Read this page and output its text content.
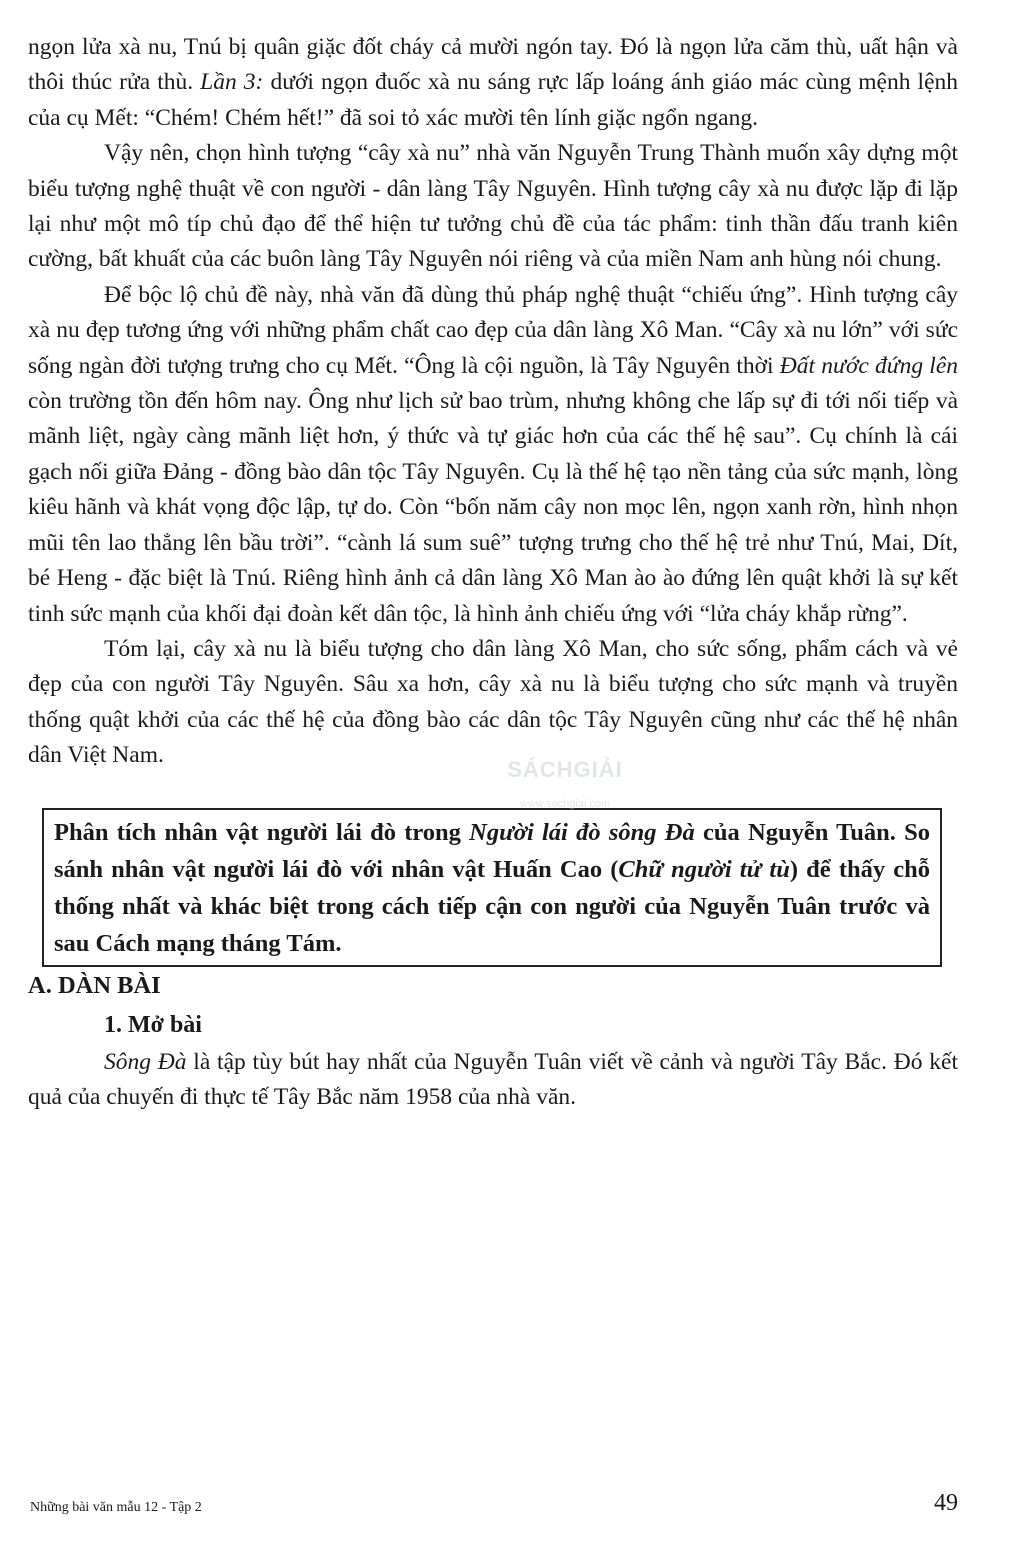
ngọn lửa xà nu, Tnú bị quân giặc đốt cháy cả mười ngón tay. Đó là ngọn lửa căm thù, uất hận và thôi thúc rửa thù. Lần 3: dưới ngọn đuốc xà nu sáng rực lấp loáng ánh giáo mác cùng mệnh lệnh của cụ Mết: “Chém! Chém hết!” đã soi tỏ xác mười tên lính giặc ngổn ngang.

Vậy nên, chọn hình tượng “cây xà nu” nhà văn Nguyễn Trung Thành muốn xây dựng một biểu tượng nghệ thuật về con người - dân làng Tây Nguyên. Hình tượng cây xà nu được lặp đi lặp lại như một mô típ chủ đạo để thể hiện tư tưởng chủ đề của tác phẩm: tinh thần đấu tranh kiên cường, bất khuất của các buôn làng Tây Nguyên nói riêng và của miền Nam anh hùng nói chung.

Để bộc lộ chủ đề này, nhà văn đã dùng thủ pháp nghệ thuật “chiếu ứng”. Hình tượng cây xà nu đẹp tương ứng với những phẩm chất cao đẹp của dân làng Xô Man. “Cây xà nu lớn” với sức sống ngàn đời tượng trưng cho cụ Mết. “Ông là cội nguồn, là Tây Nguyên thời Đất nước đứng lên còn trường tồn đến hôm nay. Ông như lịch sử bao trùm, nhưng không che lấp sự đi tới nối tiếp và mãnh liệt, ngày càng mãnh liệt hơn, ý thức và tự giác hơn của các thế hệ sau”. Cụ chính là cái gạch nối giữa Đảng - đồng bào dân tộc Tây Nguyên. Cụ là thế hệ tạo nền tảng của sức mạnh, lòng kiêu hãnh và khát vọng độc lập, tự do. Còn “bốn năm cây non mọc lên, ngọn xanh rờn, hình nhọn mũi tên lao thẳng lên bầu trời”. “cành lá sum suê” tượng trưng cho thế hệ trẻ như Tnú, Mai, Dít, bé Heng - đặc biệt là Tnú. Riêng hình ảnh cả dân làng Xô Man ào ào đứng lên quật khởi là sự kết tinh sức mạnh của khối đại đoàn kết dân tộc, là hình ảnh chiếu ứng với “lửa cháy khắp rừng”.

Tóm lại, cây xà nu là biểu tượng cho dân làng Xô Man, cho sức sống, phẩm cách và vẻ đẹp của con người Tây Nguyên. Sâu xa hơn, cây xà nu là biểu tượng cho sức mạnh và truyền thống quật khởi của các thế hệ của đồng bào các dân tộc Tây Nguyên cũng như các thế hệ nhân dân Việt Nam.

Phân tích nhân vật người lái đò trong Người lái đò sông Đà của Nguyễn Tuân. So sánh nhân vật người lái đò với nhân vật Huấn Cao (Chữ người tử tù) để thấy chỗ thống nhất và khác biệt trong cách tiếp cận con người của Nguyễn Tuân trước và sau Cách mạng tháng Tám.

A. DÀN BÀI
1. Mở bài

Sông Đà là tập tùy bút hay nhất của Nguyễn Tuân viết về cảnh và người Tây Bắc. Đó kết quả của chuyến đi thực tế Tây Bắc năm 1958 của nhà văn.

SÁCHGIẢI
www.sachgiai.com
Những bài văn mẫu 12 - Tập 2	49
